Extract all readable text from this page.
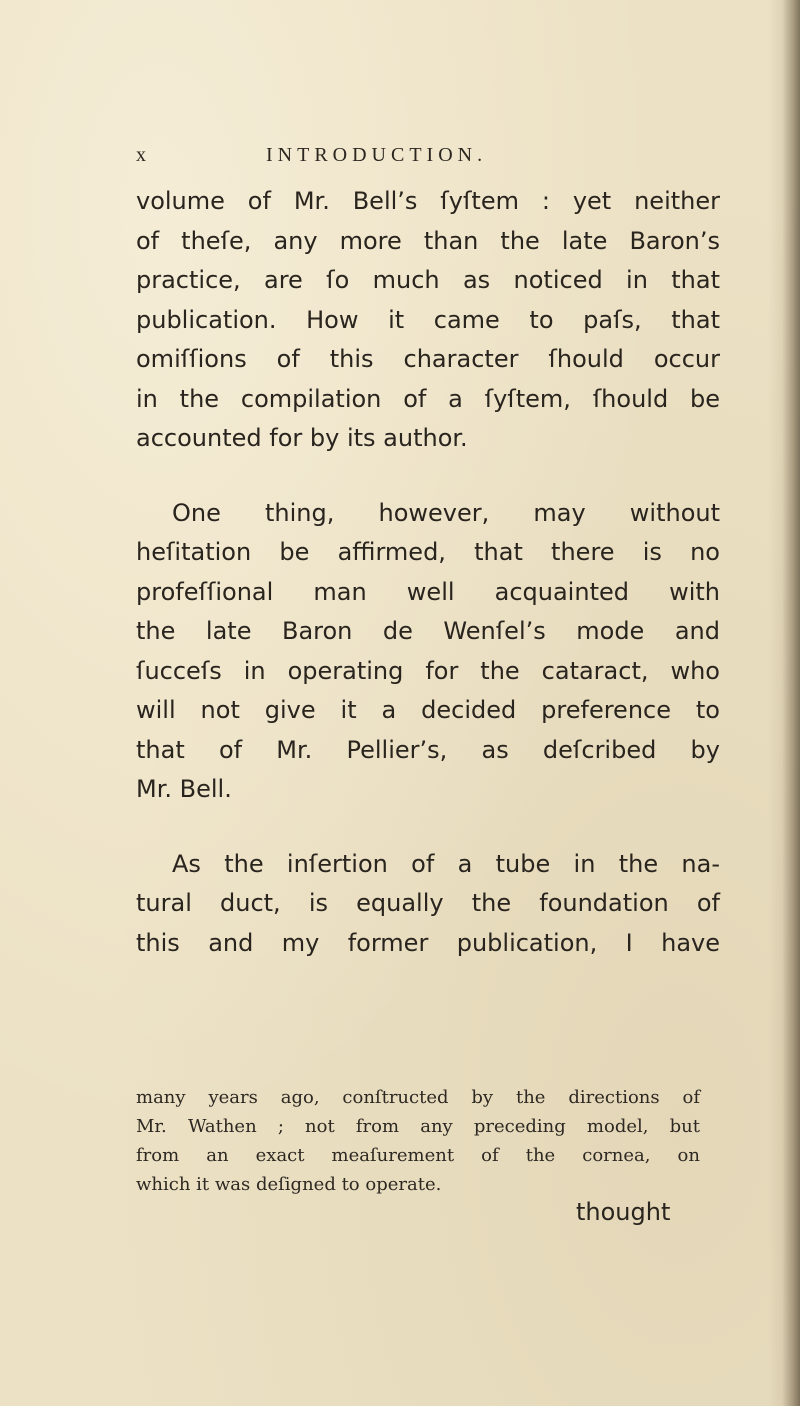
x	INTRODUCTION.
volume of Mr. Bell’s ſyſtem : yet neither
of theſe, any more than the late Baron’s
practice, are ſo much as noticed in that
publication. How it came to paſs, that
omiſſions of this character ſhould occur
in the compilation of a ſyſtem, ſhould be
accounted for by its author.
One thing, however, may without
heſitation be affirmed, that there is no
profeſſional man well acquainted with
the late Baron de Wenſel’s mode and
ſucceſs in operating for the cataract, who
will not give it a decided preference to
that of Mr. Pellier’s, as deſcribed by
Mr. Bell.
As the inſertion of a tube in the na-
tural duct, is equally the foundation of
this and my former publication, I have
many years ago, conſtructed by the directions of
Mr. Wathen ; not from any preceding model, but
from an exact meaſurement of the cornea, on
which it was deſigned to operate.
thought
